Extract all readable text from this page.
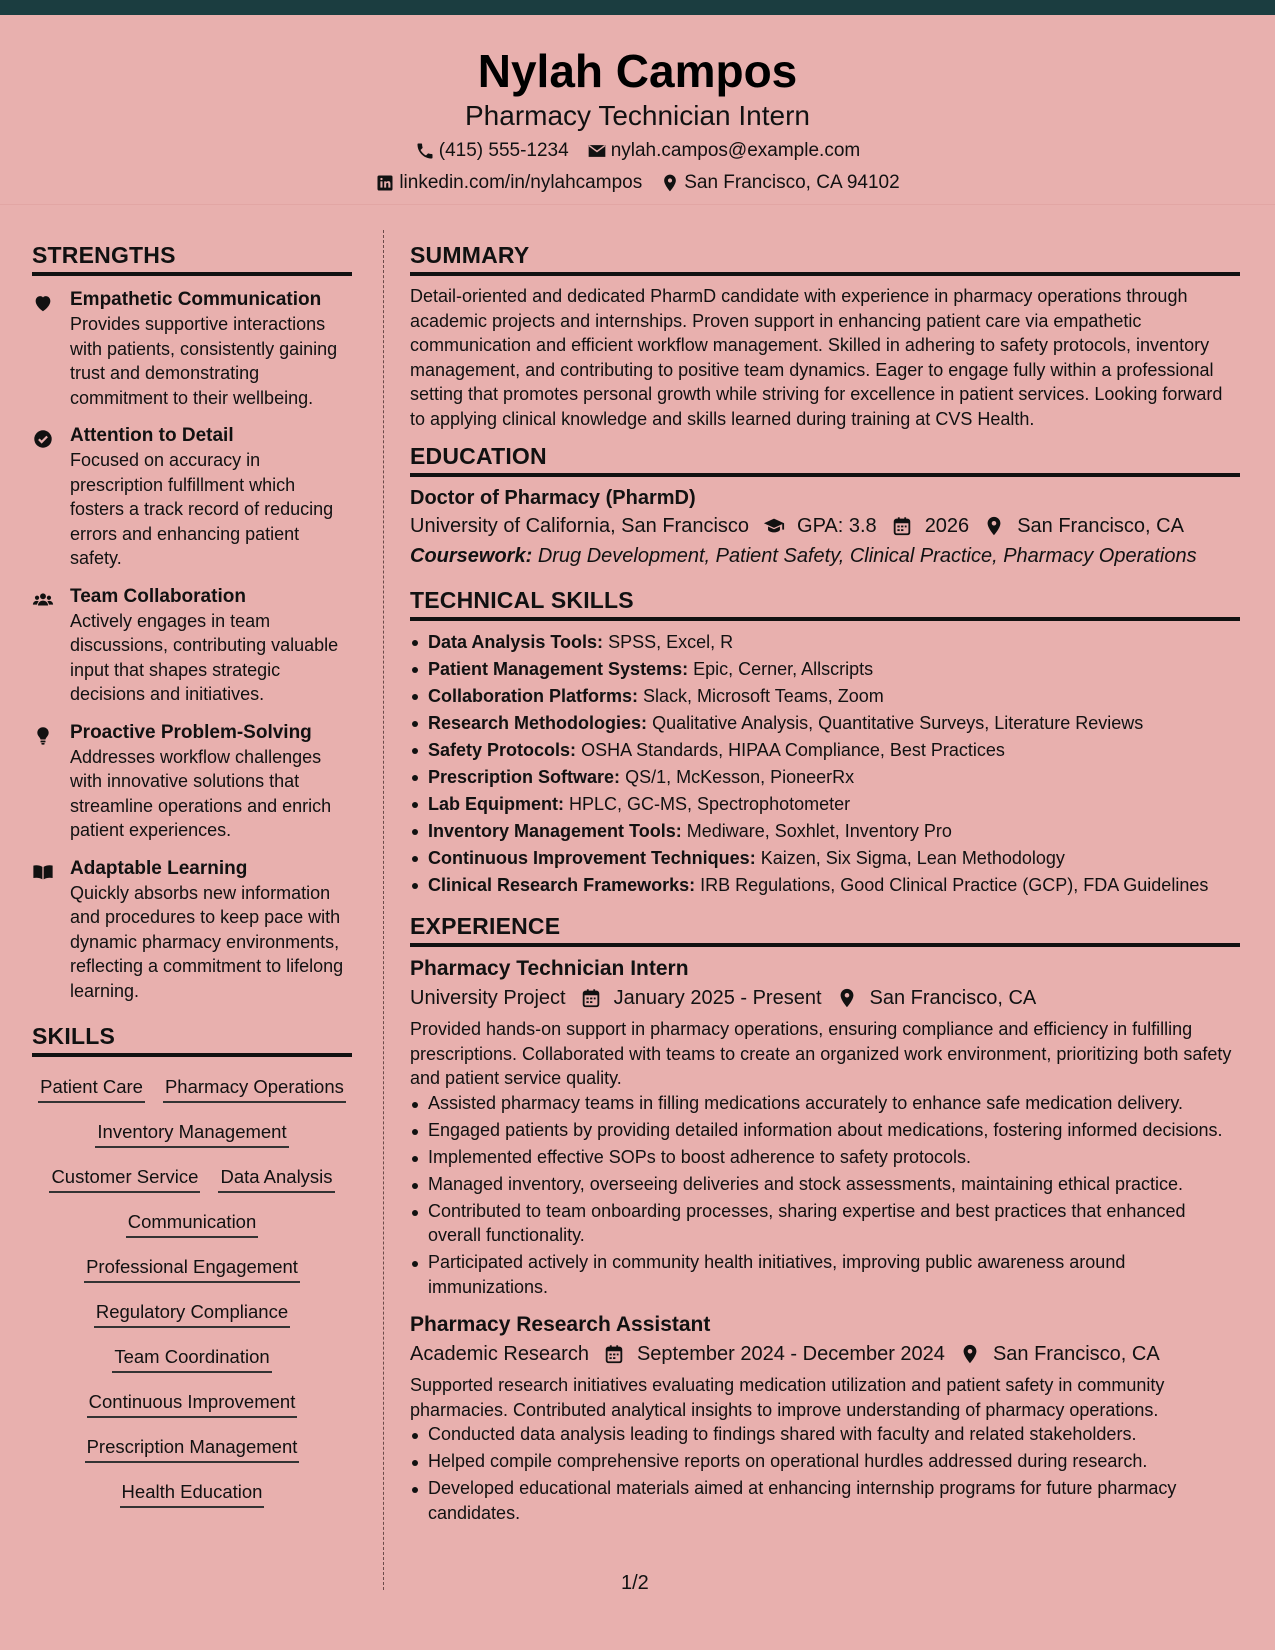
Nylah Campos
Pharmacy Technician Intern
(415) 555-1234 nylah.campos@example.com
linkedin.com/in/nylahcampos San Francisco, CA 94102
STRENGTHS
Empathetic Communication
Provides supportive interactions with patients, consistently gaining trust and demonstrating commitment to their wellbeing.
Attention to Detail
Focused on accuracy in prescription fulfillment which fosters a track record of reducing errors and enhancing patient safety.
Team Collaboration
Actively engages in team discussions, contributing valuable input that shapes strategic decisions and initiatives.
Proactive Problem-Solving
Addresses workflow challenges with innovative solutions that streamline operations and enrich patient experiences.
Adaptable Learning
Quickly absorbs new information and procedures to keep pace with dynamic pharmacy environments, reflecting a commitment to lifelong learning.
SKILLS
Patient Care Pharmacy Operations
Inventory Management
Customer Service Data Analysis
Communication
Professional Engagement
Regulatory Compliance
Team Coordination
Continuous Improvement
Prescription Management
Health Education
SUMMARY
Detail-oriented and dedicated PharmD candidate with experience in pharmacy operations through academic projects and internships. Proven support in enhancing patient care via empathetic communication and efficient workflow management. Skilled in adhering to safety protocols, inventory management, and contributing to positive team dynamics. Eager to engage fully within a professional setting that promotes personal growth while striving for excellence in patient services. Looking forward to applying clinical knowledge and skills learned during training at CVS Health.
EDUCATION
Doctor of Pharmacy (PharmD)
University of California, San Francisco GPA: 3.8 2026 San Francisco, CA
Coursework: Drug Development, Patient Safety, Clinical Practice, Pharmacy Operations
TECHNICAL SKILLS
Data Analysis Tools: SPSS, Excel, R
Patient Management Systems: Epic, Cerner, Allscripts
Collaboration Platforms: Slack, Microsoft Teams, Zoom
Research Methodologies: Qualitative Analysis, Quantitative Surveys, Literature Reviews
Safety Protocols: OSHA Standards, HIPAA Compliance, Best Practices
Prescription Software: QS/1, McKesson, PioneerRx
Lab Equipment: HPLC, GC-MS, Spectrophotometer
Inventory Management Tools: Mediware, Soxhlet, Inventory Pro
Continuous Improvement Techniques: Kaizen, Six Sigma, Lean Methodology
Clinical Research Frameworks: IRB Regulations, Good Clinical Practice (GCP), FDA Guidelines
EXPERIENCE
Pharmacy Technician Intern
University Project January 2025 - Present San Francisco, CA
Provided hands-on support in pharmacy operations, ensuring compliance and efficiency in fulfilling prescriptions. Collaborated with teams to create an organized work environment, prioritizing both safety and patient service quality.
Assisted pharmacy teams in filling medications accurately to enhance safe medication delivery.
Engaged patients by providing detailed information about medications, fostering informed decisions.
Implemented effective SOPs to boost adherence to safety protocols.
Managed inventory, overseeing deliveries and stock assessments, maintaining ethical practice.
Contributed to team onboarding processes, sharing expertise and best practices that enhanced overall functionality.
Participated actively in community health initiatives, improving public awareness around immunizations.
Pharmacy Research Assistant
Academic Research September 2024 - December 2024 San Francisco, CA
Supported research initiatives evaluating medication utilization and patient safety in community pharmacies. Contributed analytical insights to improve understanding of pharmacy operations.
Conducted data analysis leading to findings shared with faculty and related stakeholders.
Helped compile comprehensive reports on operational hurdles addressed during research.
Developed educational materials aimed at enhancing internship programs for future pharmacy candidates.
1/2
